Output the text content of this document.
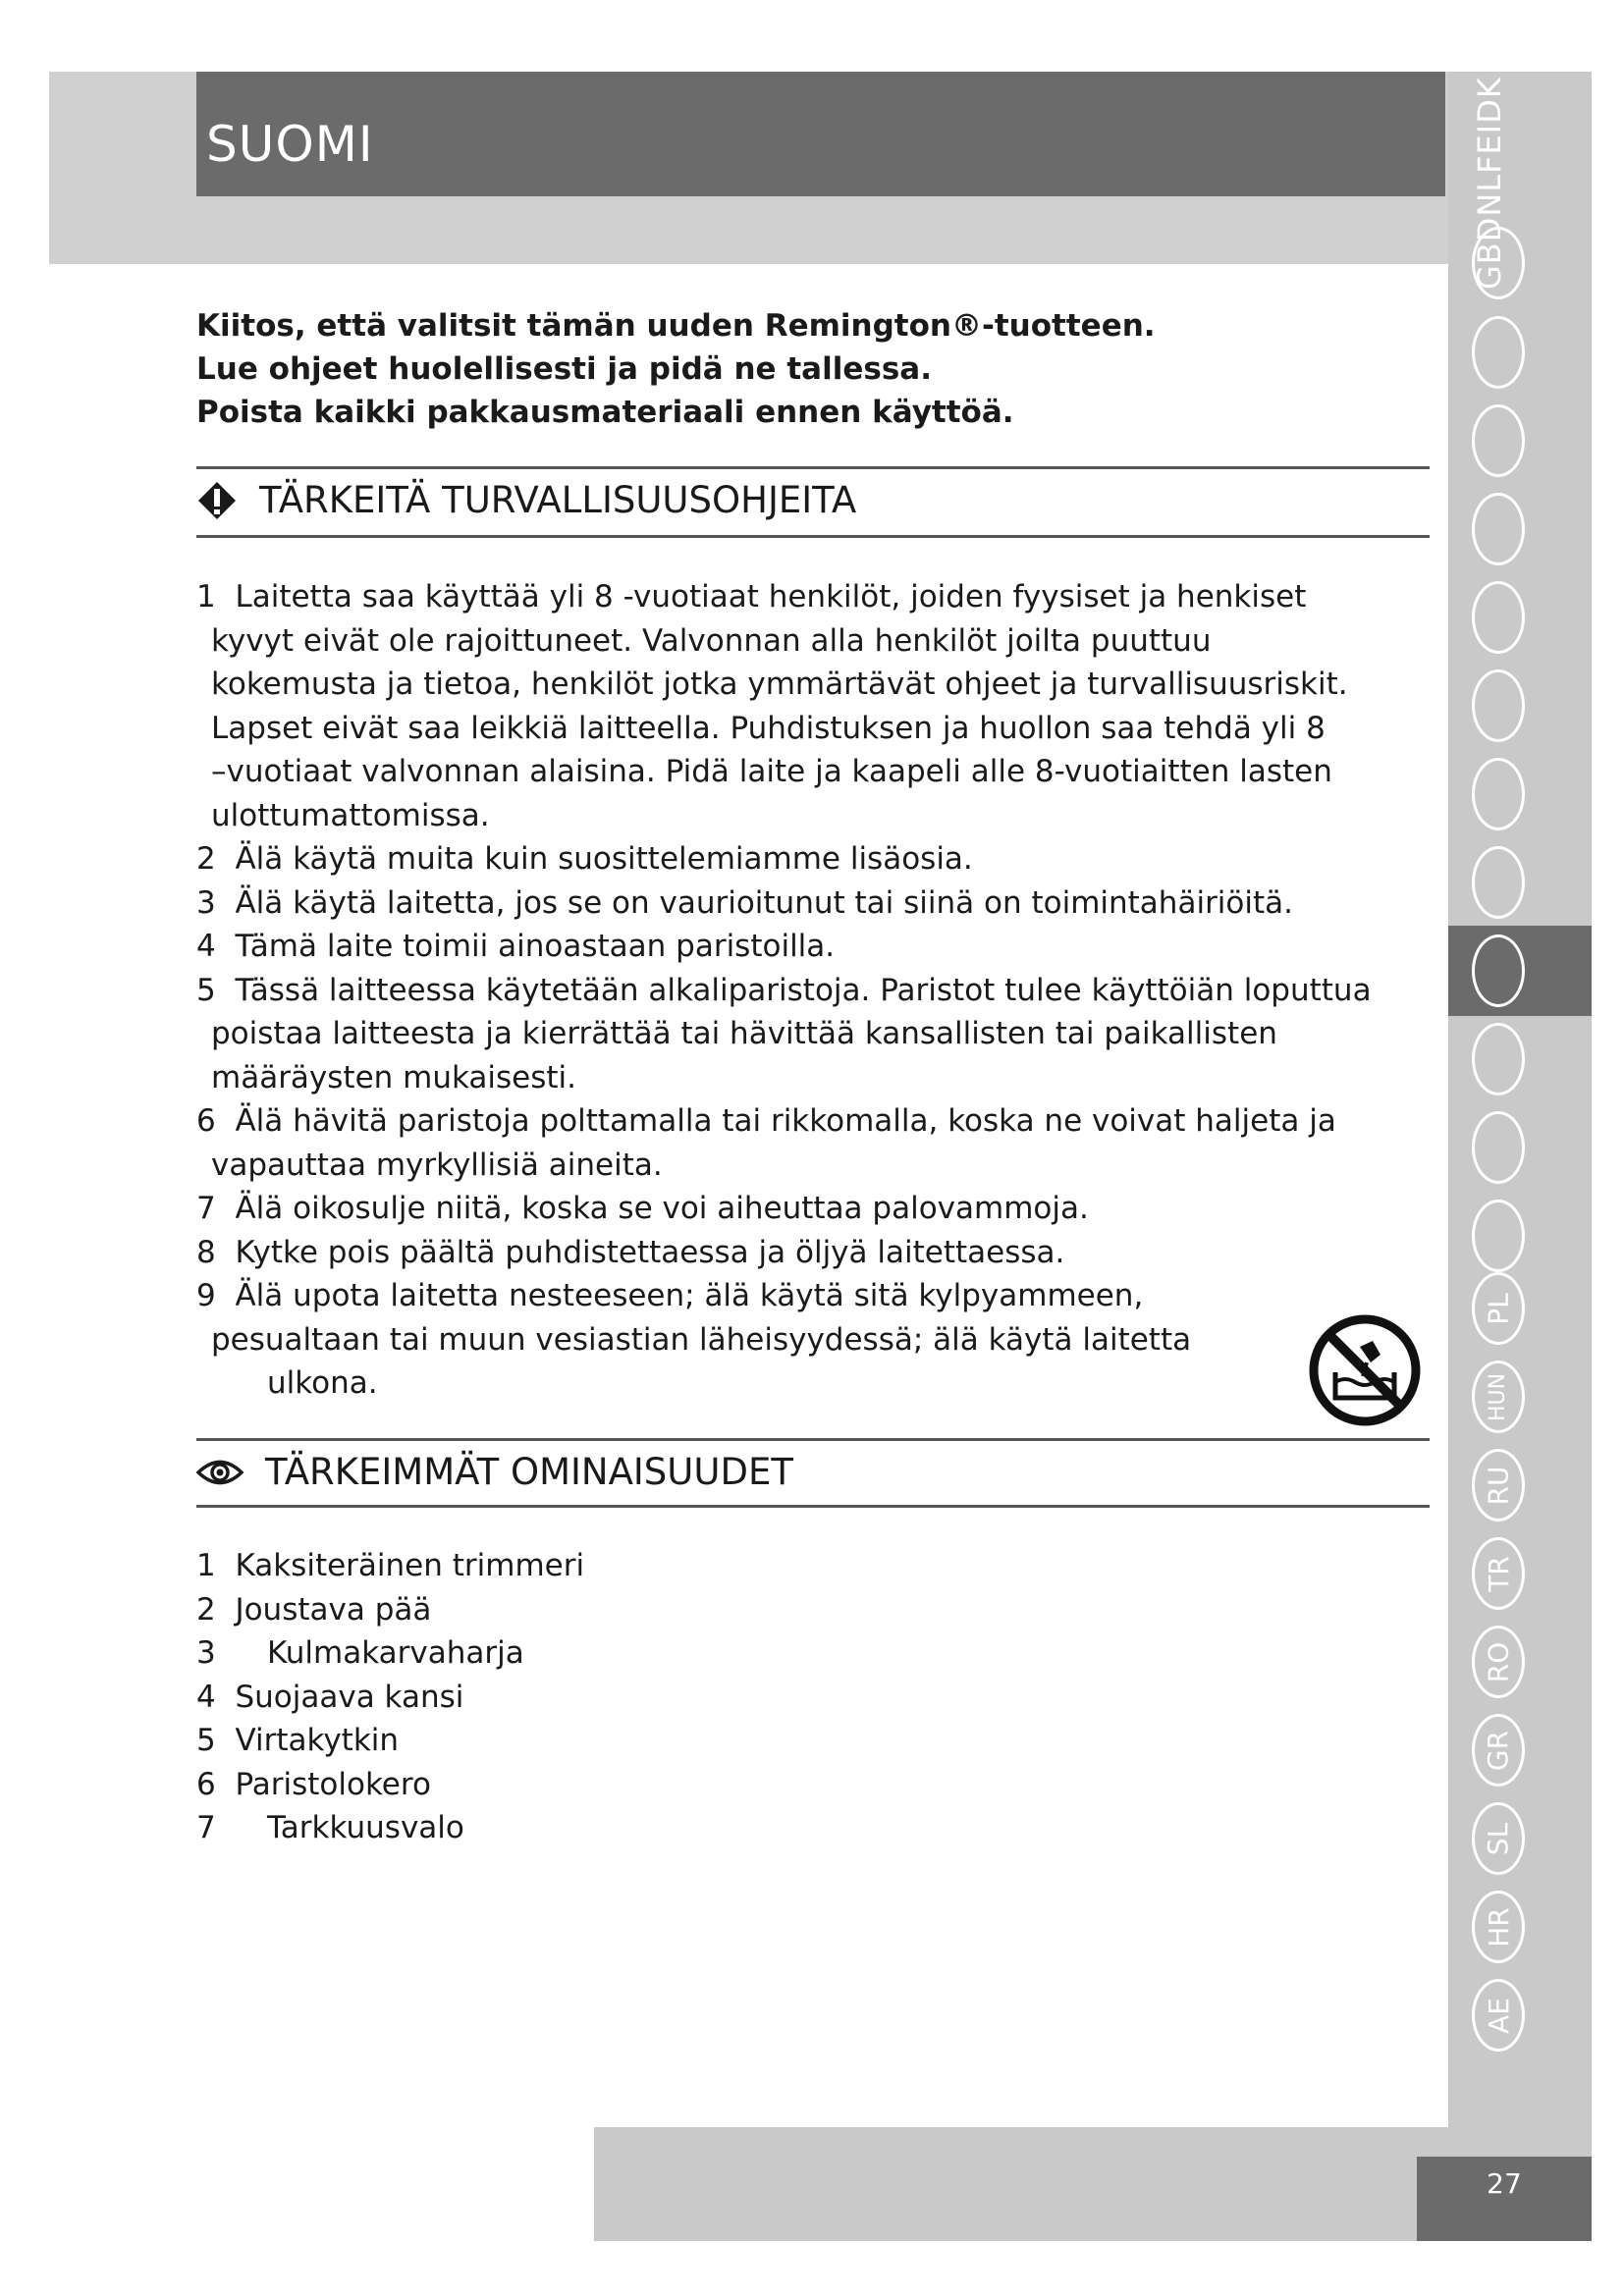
SUOMI	GBDNLFEIDK
PL
HUN
RU
TR
RO
GR
SL
HR
AE
Kiitos, että valitsit tämän uuden Remington®-tuotteen.
Lue ohjeet huolellisesti ja pidä ne tallessa.
Poista kaikki pakkausmateriaali ennen käyttöä.
TÄRKEITÄ TURVALLISUUSOHJEITA
1 Laitetta saa käyttää yli 8 -vuotiaat henkilöt, joiden fyysiset ja henkiset
kyvyt eivät ole rajoittuneet. Valvonnan alla henkilöt joilta puuttuu
kokemusta ja tietoa, henkilöt jotka ymmärtävät ohjeet ja turvallisuusriskit.
Lapset eivät saa leikkiä laitteella. Puhdistuksen ja huollon saa tehdä yli 8
–vuotiaat valvonnan alaisina. Pidä laite ja kaapeli alle 8-vuotiaitten lasten
ulottumattomissa.
2 Älä käytä muita kuin suosittelemiamme lisäosia.
3 Älä käytä laitetta, jos se on vaurioitunut tai siinä on toimintahäiriöitä.
4 Tämä laite toimii ainoastaan paristoilla.
5 Tässä laitteessa käytetään alkaliparistoja. Paristot tulee käyttöiän loputtua
poistaa laitteesta ja kierrättää tai hävittää kansallisten tai paikallisten
määräysten mukaisesti.
6 Älä hävitä paristoja polttamalla tai rikkomalla, koska ne voivat haljeta ja
vapauttaa myrkyllisiä aineita.
7 Älä oikosulje niitä, koska se voi aiheuttaa palovammoja.
8 Kytke pois päältä puhdistettaessa ja öljyä laitettaessa.
9 Älä upota laitetta nesteeseen; älä käytä sitä kylpyammeen,
pesualtaan tai muun vesiastian läheisyydessä; älä käytä laitetta
ulkona.
TÄRKEIMMÄT OMINAISUUDET
1 Kaksiteräinen trimmeri
2 Joustava pää
3 Kulmakarvaharja
4 Suojaava kansi
5 Virtakytkin
6 Paristolokero
7 Tarkkuusvalo
27
